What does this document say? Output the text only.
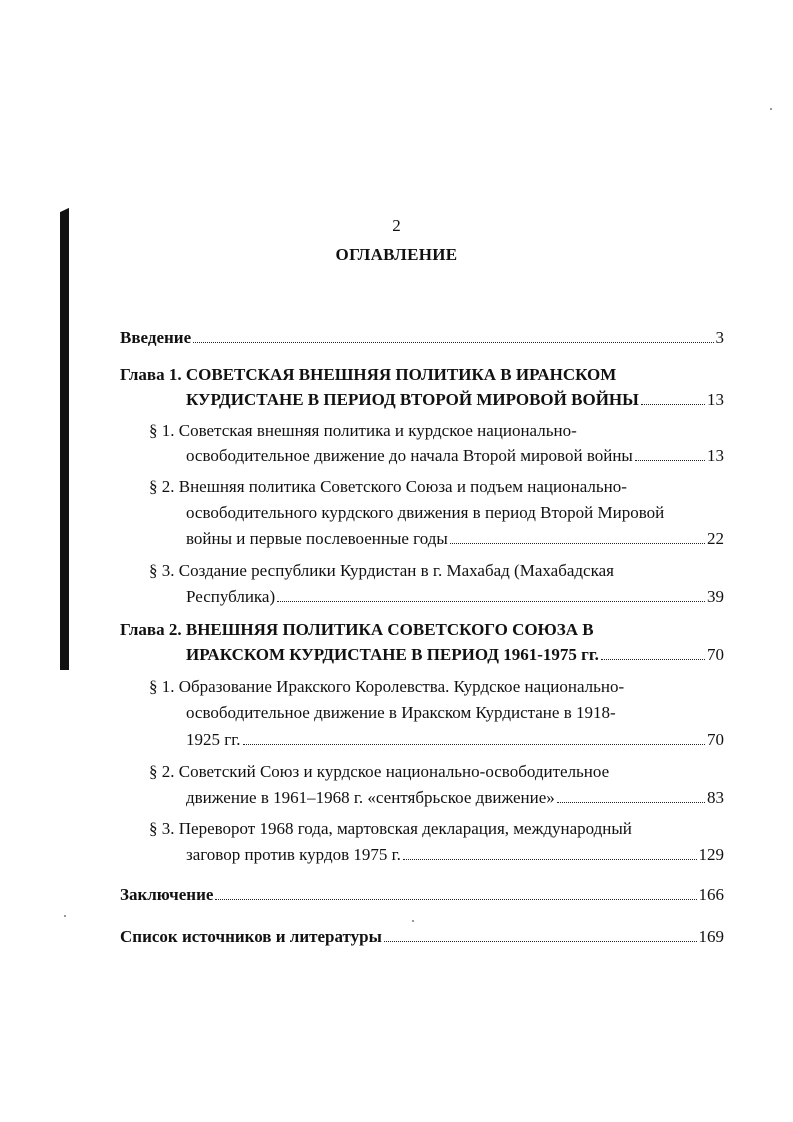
2
ОГЛАВЛЕНИЕ
Введение	3
Глава 1. СОВЕТСКАЯ ВНЕШНЯЯ ПОЛИТИКА В ИРАНСКОМ
КУРДИСТАНЕ В ПЕРИОД ВТОРОЙ МИРОВОЙ ВОЙНЫ	13
§ 1. Советская внешняя политика и курдское национально-
освободительное движение до начала Второй мировой войны	13
§ 2. Внешняя политика Советского Союза и подъем национально-
освободительного курдского движения в период Второй Мировой
войны и первые послевоенные годы	22
§ 3. Создание республики Курдистан в г. Махабад (Махабадская
Республика)	39
Глава 2. ВНЕШНЯЯ ПОЛИТИКА СОВЕТСКОГО СОЮЗА В
ИРАКСКОМ КУРДИСТАНЕ В ПЕРИОД 1961-1975 гг.	70
§ 1. Образование Иракского Королевства. Курдское национально-
освободительное движение в Иракском Курдистане в 1918-
1925 гг.	70
§ 2. Советский Союз и курдское национально-освободительное
движение в 1961–1968 г. «сентябрьское движение»	83
§ 3. Переворот 1968 года, мартовская декларация, международный
заговор против курдов 1975 г.	129
Заключение	166
Список источников и литературы	169
